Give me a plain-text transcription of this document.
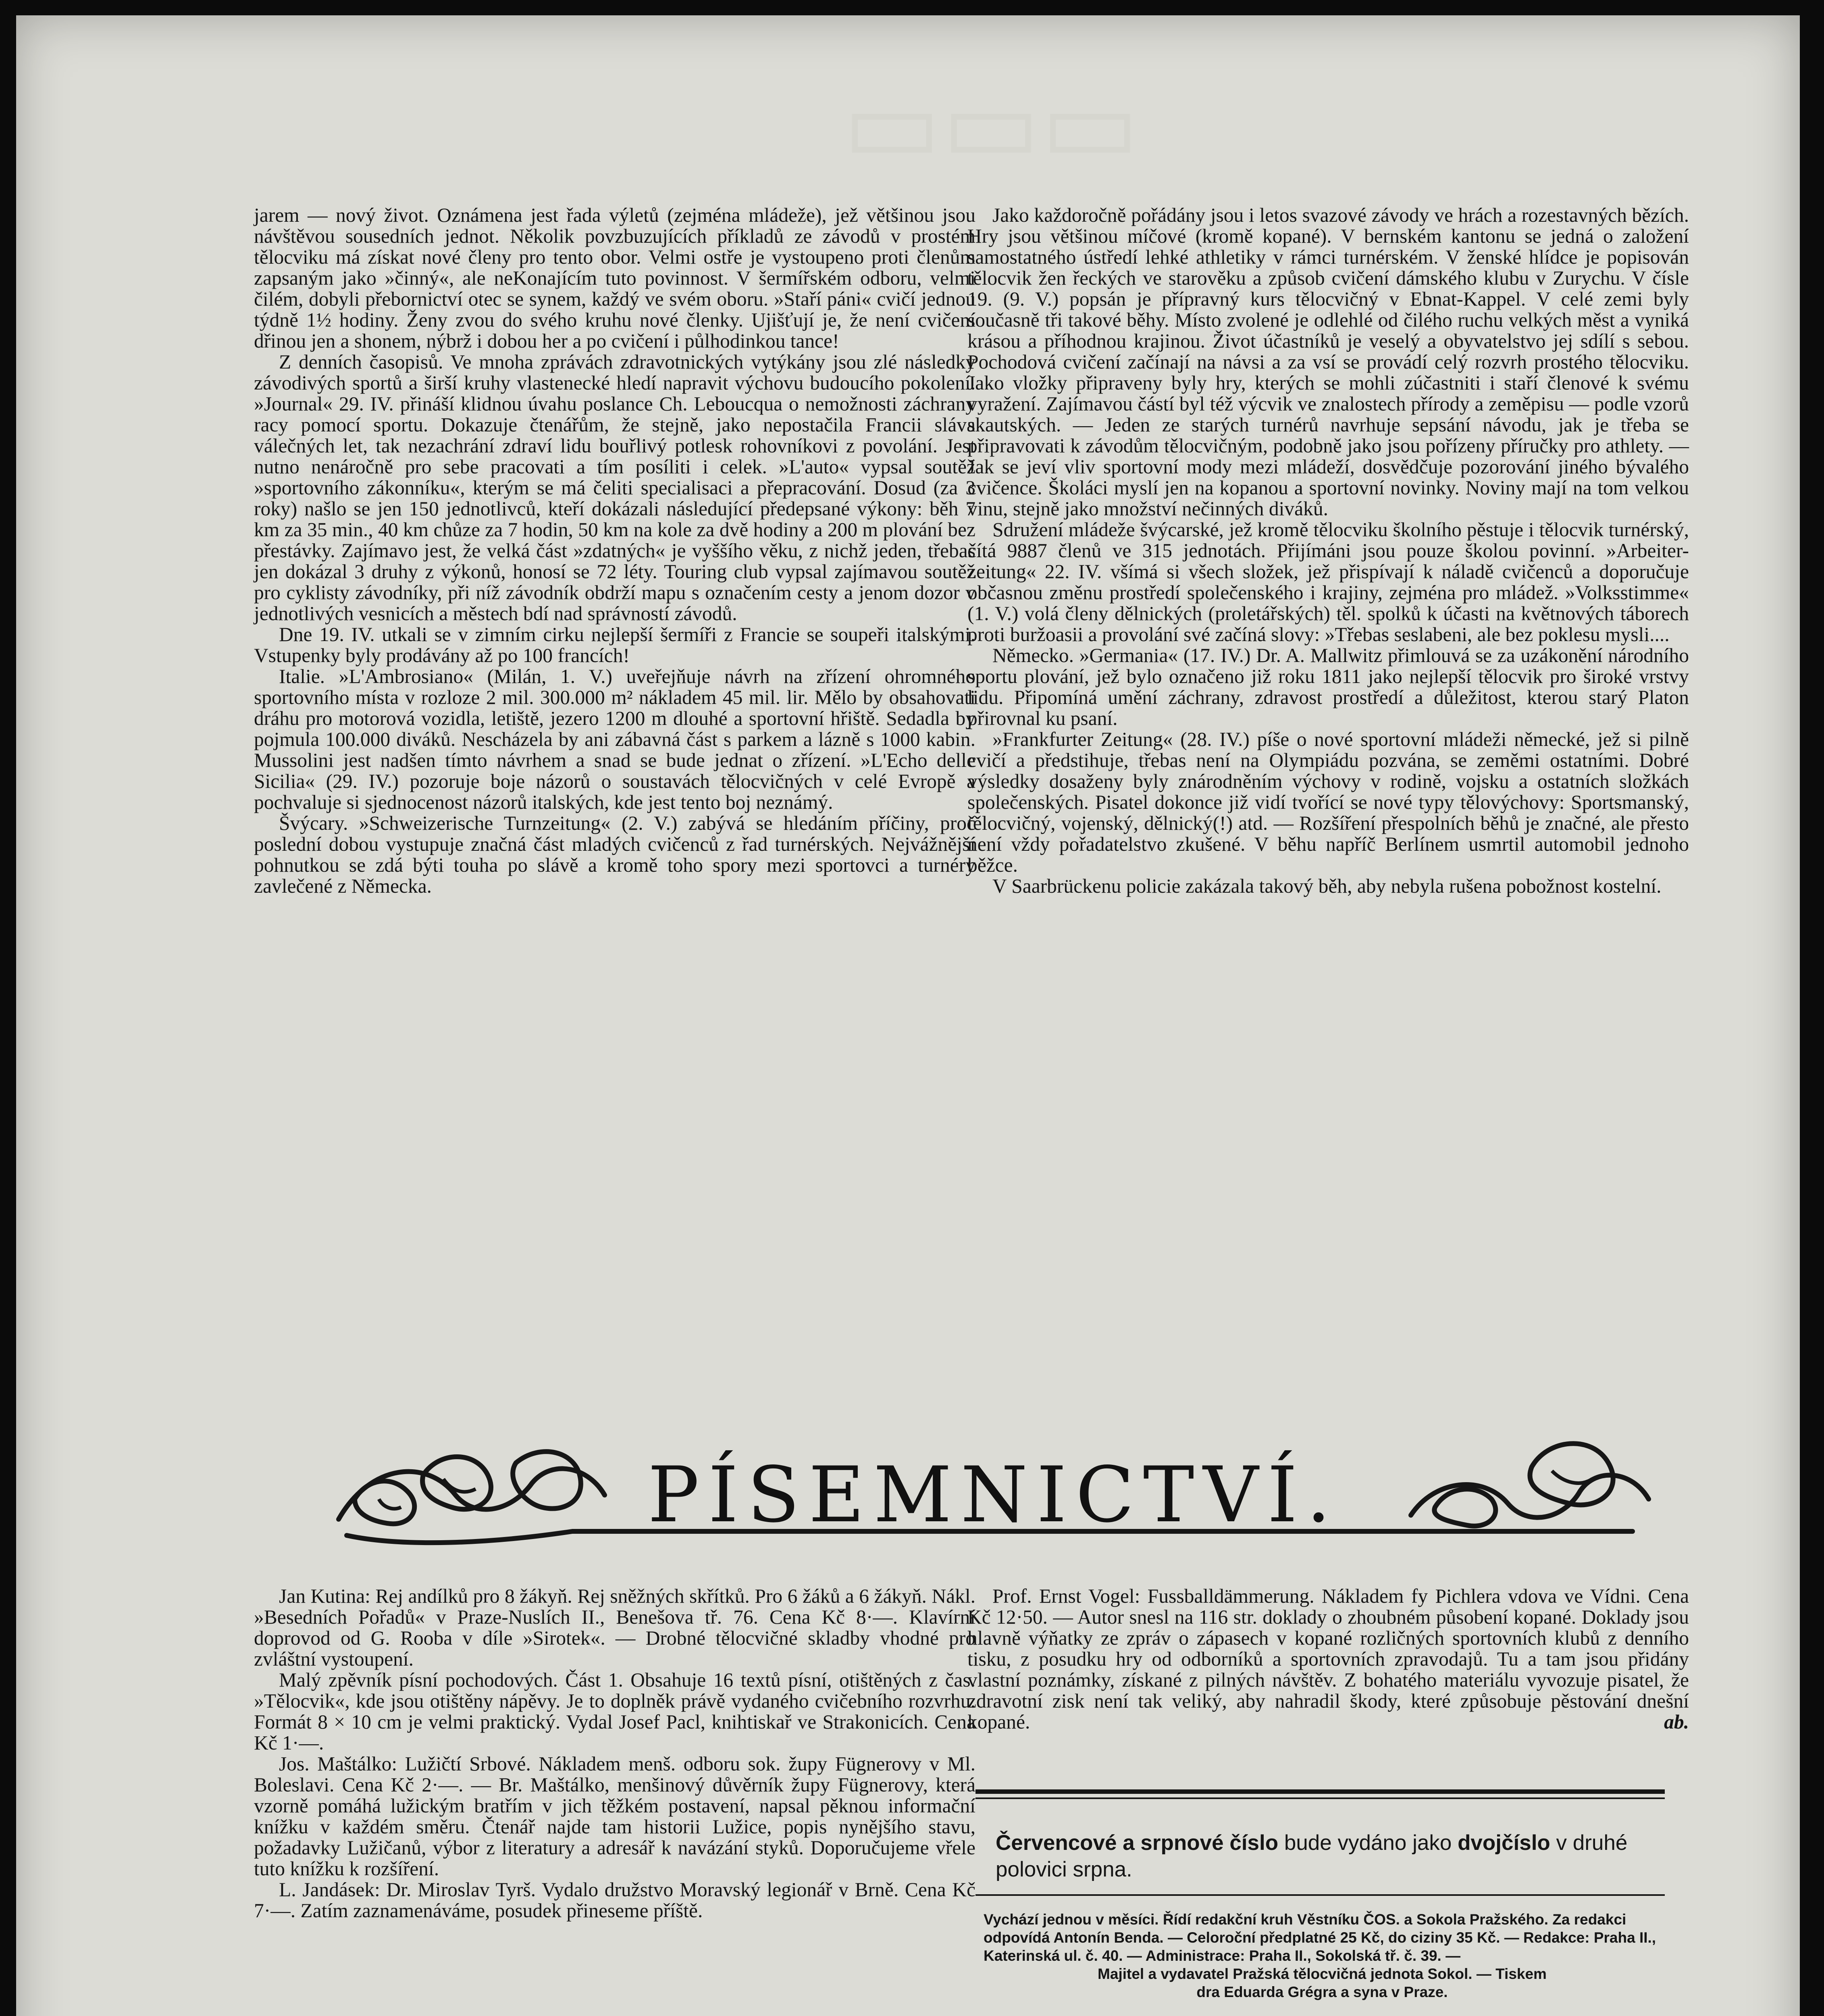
▭▭▭

jarem — nový život. Oznámena jest řada výletů (zejména mládeže), jež většinou jsou návštěvou sousedních jednot. Několik povzbuzujících příkladů ze závodů v prostém tělocviku má získat nové členy pro tento obor. Velmi ostře je vystoupeno proti členům zapsaným jako »činný«, ale neKonajícím tuto povinnost. V šermířském odboru, velmi čilém, dobyli přebornictví otec se synem, každý ve svém oboru. »Staří páni« cvičí jednou týdně 1½ hodiny. Ženy zvou do svého kruhu nové členky. Ujišťují je, že není cvičení dřinou jen a shonem, nýbrž i dobou her a po cvičení i půlhodinkou tance!

Z denních časopisů. Ve mnoha zprávách zdravotnických vytýkány jsou zlé následky závodivých sportů a širší kruhy vlastenecké hledí napravit výchovu budoucího pokolení. »Journal« 29. IV. přináší klidnou úvahu poslance Ch. Leboucqua o nemožnosti záchrany racy pomocí sportu. Dokazuje čtenářům, že stejně, jako nepostačila Francii sláva válečných let, tak nezachrání zdraví lidu bouřlivý potlesk rohovníkovi z povolání. Jest nutno nenáročně pro sebe pracovati a tím posíliti i celek. »L'auto« vypsal soutěž »sportovního zákonníku«, kterým se má čeliti specialisaci a přepracování. Dosud (za 3 roky) našlo se jen 150 jednotlivců, kteří dokázali následující předepsané výkony: běh 7 km za 35 min., 40 km chůze za 7 hodin, 50 km na kole za dvě hodiny a 200 m plování bez přestávky. Zajímavo jest, že velká část »zdatných« je vyššího věku, z nichž jeden, třebas jen dokázal 3 druhy z výkonů, honosí se 72 léty. Touring club vypsal zajímavou soutěž pro cyklisty závodníky, při níž závodník obdrží mapu s označením cesty a jenom dozor v jednotlivých vesnicích a městech bdí nad správností závodů.

Dne 19. IV. utkali se v zimním cirku nejlepší šermíři z Francie se soupeři italskými. Vstupenky byly prodávány až po 100 francích!

Italie. »L'Ambrosiano« (Milán, 1. V.) uveřejňuje návrh na zřízení ohromného sportovního místa v rozloze 2 mil. 300.000 m² nákladem 45 mil. lir. Mělo by obsahovati dráhu pro motorová vozidla, letiště, jezero 1200 m dlouhé a sportovní hřiště. Sedadla by pojmula 100.000 diváků. Nescházela by ani zábavná část s parkem a lázně s 1000 kabin. Mussolini jest nadšen tímto návrhem a snad se bude jednat o zřízení. »L'Echo delle Sicilia« (29. IV.) pozoruje boje názorů o soustavách tělocvičných v celé Evropě a pochvaluje si sjednocenost názorů italských, kde jest tento boj neznámý.

Švýcary. »Schweizerische Turnzeitung« (2. V.) zabývá se hledáním příčiny, proč poslední dobou vystupuje značná část mladých cvičenců z řad turnérských. Nejvážnější pohnutkou se zdá býti touha po slávě a kromě toho spory mezi sportovci a turnéry zavlečené z Německa.

Jako každoročně pořádány jsou i letos svazové závody ve hrách a rozestavných bězích. Hry jsou většinou míčové (kromě kopané). V bernském kantonu se jedná o založení samostatného ústředí lehké athletiky v rámci turnérském. V ženské hlídce je popisován tělocvik žen řeckých ve starověku a způsob cvičení dámského klubu v Zurychu. V čísle 19. (9. V.) popsán je přípravný kurs tělocvičný v Ebnat-Kappel. V celé zemi byly současně tři takové běhy. Místo zvolené je odlehlé od čilého ruchu velkých měst a vyniká krásou a příhodnou krajinou. Život účastníků je veselý a obyvatelstvo jej sdílí s sebou. Pochodová cvičení začínají na návsi a za vsí se provádí celý rozvrh prostého tělocviku. Jako vložky připraveny byly hry, kterých se mohli zúčastniti i staří členové k svému vyražení. Zajímavou částí byl též výcvik ve znalostech přírody a zeměpisu — podle vzorů skautských. — Jeden ze starých turnérů navrhuje sepsání návodu, jak je třeba se připravovati k závodům tělocvičným, podobně jako jsou pořízeny příručky pro athlety. — Jak se jeví vliv sportovní mody mezi mládeží, dosvědčuje pozorování jiného bývalého cvičence. Školáci myslí jen na kopanou a sportovní novinky. Noviny mají na tom velkou vinu, stejně jako množství nečinných diváků.

Sdružení mládeže švýcarské, jež kromě tělocviku školního pěstuje i tělocvik turnérský, čítá 9887 členů ve 315 jednotách. Přijímáni jsou pouze školou povinní. »Arbeiter-zeitung« 22. IV. všímá si všech složek, jež přispívají k náladě cvičenců a doporučuje občasnou změnu prostředí společenského i krajiny, zejména pro mládež. »Volksstimme« (1. V.) volá členy dělnických (proletářských) těl. spolků k účasti na květnových táborech proti buržoasii a provolání své začíná slovy: »Třebas seslabeni, ale bez poklesu mysli....

Německo. »Germania« (17. IV.) Dr. A. Mallwitz přimlouvá se za uzákonění národního sportu plování, jež bylo označeno již roku 1811 jako nejlepší tělocvik pro široké vrstvy lidu. Připomíná umění záchrany, zdravost prostředí a důležitost, kterou starý Platon přirovnal ku psaní.

»Frankfurter Zeitung« (28. IV.) píše o nové sportovní mládeži německé, jež si pilně cvičí a předstihuje, třebas není na Olympiádu pozvána, se zeměmi ostatními. Dobré výsledky dosaženy byly znárodněním výchovy v rodině, vojsku a ostatních složkách společenských. Pisatel dokonce již vidí tvořící se nové typy tělovýchovy: Sportsmanský, tělocvičný, vojenský, dělnický(!) atd. — Rozšíření přespolních běhů je značné, ale přesto není vždy pořadatelstvo zkušené. V běhu napříč Berlínem usmrtil automobil jednoho běžce.

V Saarbrückenu policie zakázala takový běh, aby nebyla rušena pobožnost kostelní.

PÍSEMNICTVÍ.

Jan Kutina: Rej andílků pro 8 žákyň. Rej sněžných skřítků. Pro 6 žáků a 6 žákyň. Nákl. »Besedních Pořadů« v Praze-Nuslích II., Benešova tř. 76. Cena Kč 8·—. Klavírní doprovod od G. Rooba v díle »Sirotek«. — Drobné tělocvičné skladby vhodné pro zvláštní vystoupení.

Malý zpěvník písní pochodových. Část 1. Obsahuje 16 textů písní, otištěných z čas. »Tělocvik«, kde jsou otištěny nápěvy. Je to doplněk právě vydaného cvičebního rozvrhu. Formát 8 × 10 cm je velmi praktický. Vydal Josef Pacl, knihtiskař ve Strakonicích. Cena Kč 1·—.

Jos. Maštálko: Lužičtí Srbové. Nákladem menš. odboru sok. župy Fügnerovy v Ml. Boleslavi. Cena Kč 2·—. — Br. Maštálko, menšinový důvěrník župy Fügnerovy, která vzorně pomáhá lužickým bratřím v jich těžkém postavení, napsal pěknou informační knížku v každém směru. Čtenář najde tam historii Lužice, popis nynějšího stavu, požadavky Lužičanů, výbor z literatury a adresář k navázání styků. Doporučujeme vřele tuto knížku k rozšíření.

L. Jandásek: Dr. Miroslav Tyrš. Vydalo družstvo Moravský legionář v Brně. Cena Kč 7·—. Zatím zaznamenáváme, posudek přineseme příště.

Prof. Ernst Vogel: Fussballdämmerung. Nákladem fy Pichlera vdova ve Vídni. Cena Kč 12·50. — Autor snesl na 116 str. doklady o zhoubném působení kopané. Doklady jsou hlavně výňatky ze zpráv o zápasech v kopané rozličných sportovních klubů z denního tisku, z posudku hry od odborníků a sportovních zpravodajů. Tu a tam jsou přidány vlastní poznámky, získané z pilných návštěv. Z bohatého materiálu vyvozuje pisatel, že zdravotní zisk není tak veliký, aby nahradil škody, které způsobuje pěstování dnešní kopané.	ab.

Červencové a srpnové číslo bude vydáno jako dvojčíslo v druhé polovici srpna.
Vychází jednou v měsíci. Řídí redakční kruh Věstníku ČOS. a Sokola Pražského. Za redakci odpovídá Antonín Benda. — Celoroční předplatné 25 Kč, do ciziny 35 Kč. — Redakce: Praha II., Katerinská ul. č. 40. — Administrace: Praha II., Sokolská tř. č. 39. —
Majitel a vydavatel Pražská tělocvičná jednota Sokol. — Tiskem
dra Eduarda Grégra a syna v Praze.
